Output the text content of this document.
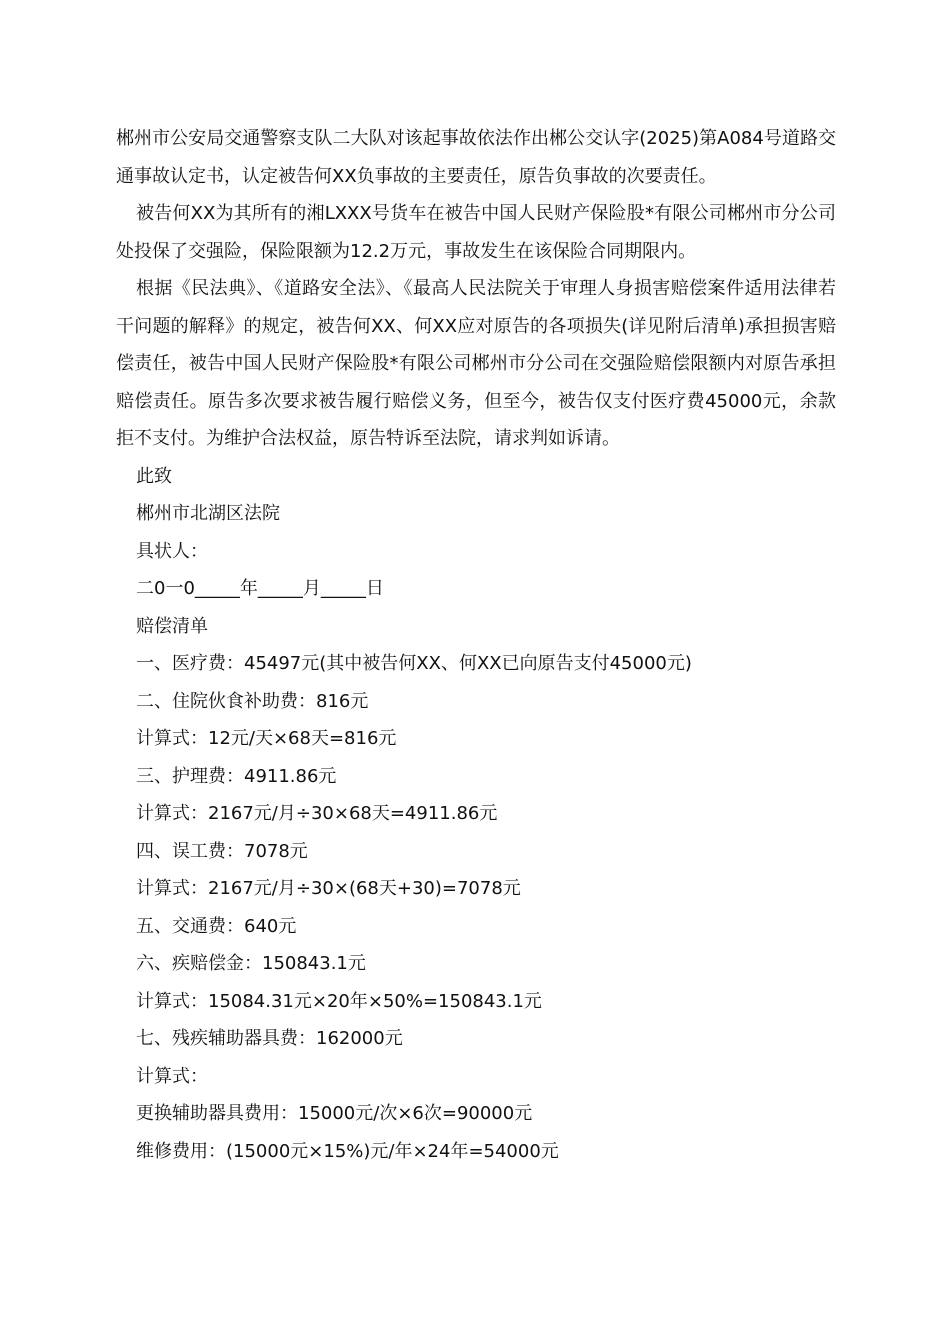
郴州市公安局交通警察支队二大队对该起事故依法作出郴公交认字(2025)第A084号道路交通事故认定书，认定被告何XX负事故的主要责任，原告负事故的次要责任。

被告何XX为其所有的湘LXXX号货车在被告中国人民财产保险股*有限公司郴州市分公司处投保了交强险，保险限额为12.2万元，事故发生在该保险合同期限内。

根据《民法典》、《道路安全法》、《最高人民法院关于审理人身损害赔偿案件适用法律若干问题的解释》的规定，被告何XX、何XX应对原告的各项损失(详见附后清单)承担损害赔偿责任，被告中国人民财产保险股*有限公司郴州市分公司在交强险赔偿限额内对原告承担赔偿责任。原告多次要求被告履行赔偿义务，但至今，被告仅支付医疗费45000元，余款拒不支付。为维护合法权益，原告特诉至法院，请求判如诉请。

此致

郴州市北湖区法院

具状人：

二0一0_____年_____月_____日

赔偿清单

一、医疗费：45497元(其中被告何XX、何XX已向原告支付45000元)

二、住院伙食补助费：816元

计算式：12元/天×68天=816元

三、护理费：4911.86元

计算式：2167元/月÷30×68天=4911.86元

四、误工费：7078元

计算式：2167元/月÷30×(68天+30)=7078元

五、交通费：640元

六、疾赔偿金：150843.1元

计算式：15084.31元×20年×50%=150843.1元

七、残疾辅助器具费：162000元

计算式：

更换辅助器具费用：15000元/次×6次=90000元

维修费用：(15000元×15%)元/年×24年=54000元
